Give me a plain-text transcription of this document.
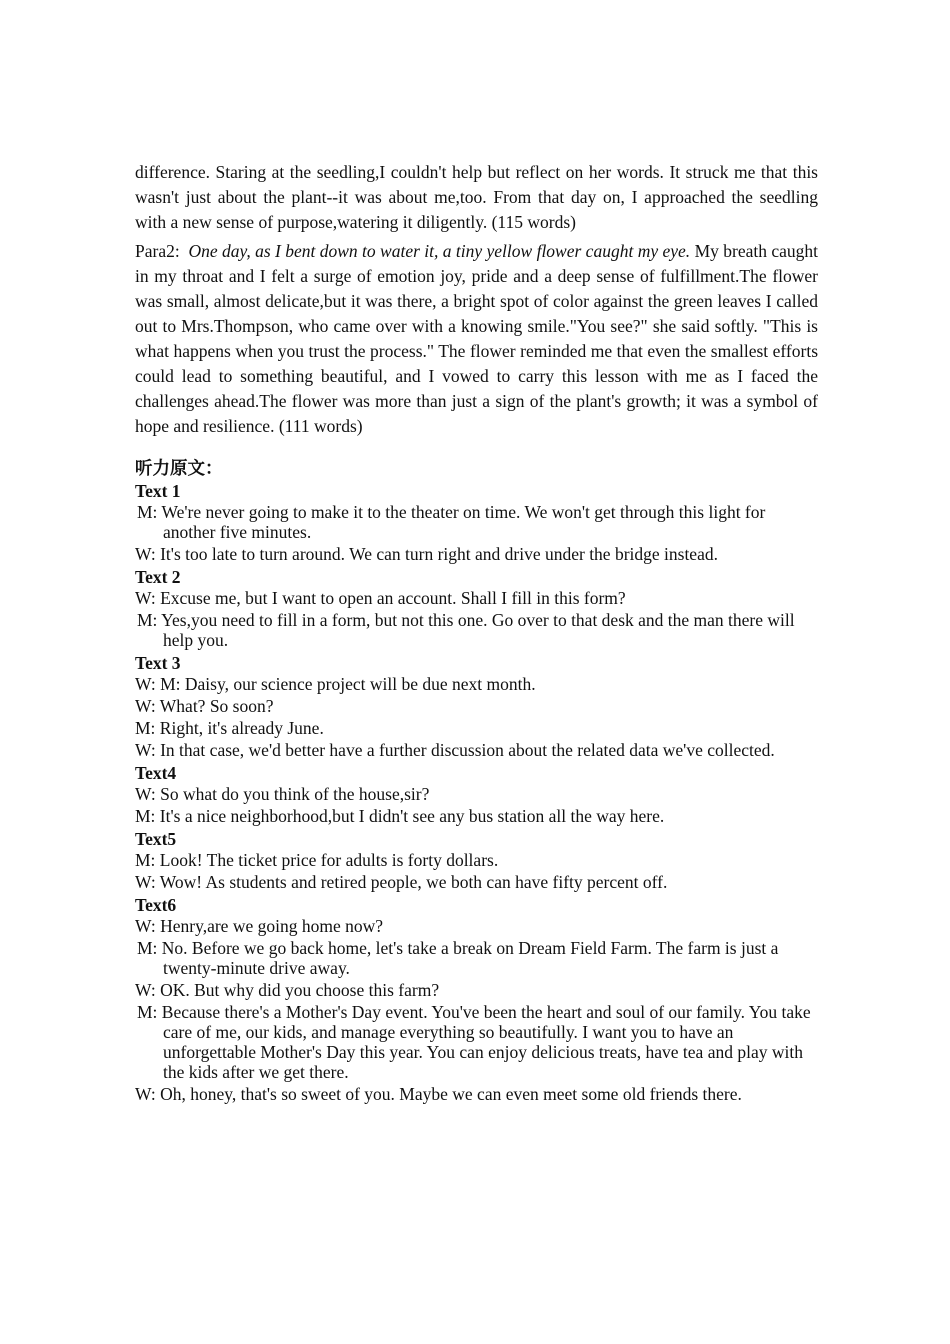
difference. Staring at the seedling,I couldn't help but reflect on her words. It struck me that this wasn't just about the plant--it was about me,too. From that day on, I approached the seedling with a new sense of purpose,watering it diligently. (115 words)

Para2: One day, as I bent down to water it, a tiny yellow flower caught my eye. My breath caught in my throat and I felt a surge of emotion joy, pride and a deep sense of fulfillment.The flower was small, almost delicate,but it was there, a bright spot of color against the green leaves I called out to Mrs.Thompson, who came over with a knowing smile."You see?" she said softly. "This is what happens when you trust the process." The flower reminded me that even the smallest efforts could lead to something beautiful, and I vowed to carry this lesson with me as I faced the challenges ahead.The flower was more than just a sign of the plant's growth; it was a symbol of hope and resilience. (111 words)

听力原文：

Text 1

M: We're never going to make it to the theater on time. We won't get through this light for another five minutes.

W: It's too late to turn around. We can turn right and drive under the bridge instead.

Text 2

W: Excuse me, but I want to open an account. Shall I fill in this form?

M: Yes,you need to fill in a form, but not this one. Go over to that desk and the man there will help you.

Text 3

W: M: Daisy, our science project will be due next month.

W: What? So soon?

M: Right, it's already June.

W: In that case, we'd better have a further discussion about the related data we've collected.

Text4

W: So what do you think of the house,sir?

M: It's a nice neighborhood,but I didn't see any bus station all the way here.

Text5

M: Look! The ticket price for adults is forty dollars.

W: Wow! As students and retired people, we both can have fifty percent off.

Text6

W: Henry,are we going home now?

M: No. Before we go back home, let's take a break on Dream Field Farm. The farm is just a twenty-minute drive away.

W: OK. But why did you choose this farm?

M: Because there's a Mother's Day event. You've been the heart and soul of our family. You take care of me, our kids, and manage everything so beautifully. I want you to have an unforgettable Mother's Day this year. You can enjoy delicious treats, have tea and play with the kids after we get there.

W: Oh, honey, that's so sweet of you. Maybe we can even meet some old friends there.
